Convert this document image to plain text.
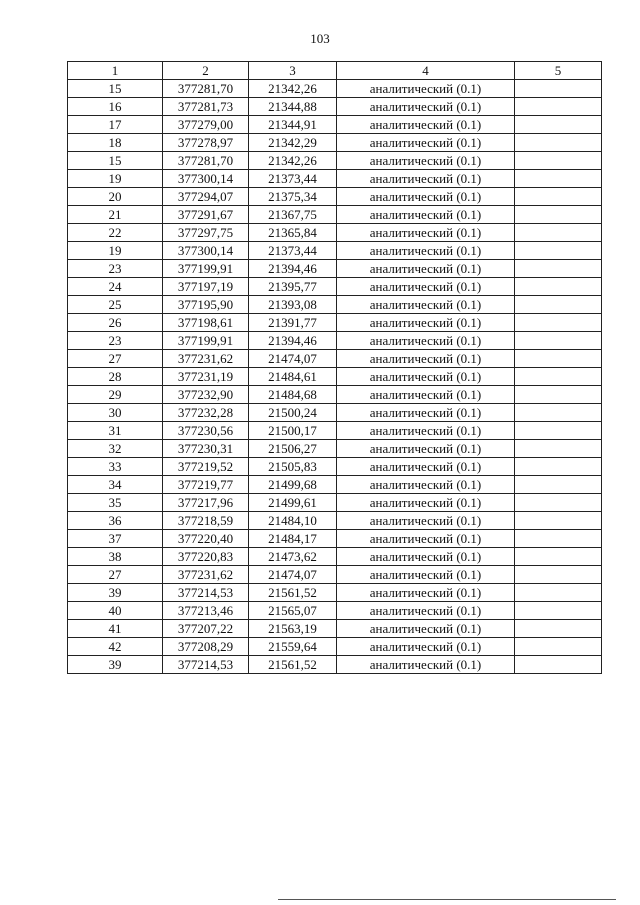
103
1	2	3	4	5
15	377281,70	21342,26	аналитический (0.1)	
16	377281,73	21344,88	аналитический (0.1)	
17	377279,00	21344,91	аналитический (0.1)	
18	377278,97	21342,29	аналитический (0.1)	
15	377281,70	21342,26	аналитический (0.1)	
19	377300,14	21373,44	аналитический (0.1)	
20	377294,07	21375,34	аналитический (0.1)	
21	377291,67	21367,75	аналитический (0.1)	
22	377297,75	21365,84	аналитический (0.1)	
19	377300,14	21373,44	аналитический (0.1)	
23	377199,91	21394,46	аналитический (0.1)	
24	377197,19	21395,77	аналитический (0.1)	
25	377195,90	21393,08	аналитический (0.1)	
26	377198,61	21391,77	аналитический (0.1)	
23	377199,91	21394,46	аналитический (0.1)	
27	377231,62	21474,07	аналитический (0.1)	
28	377231,19	21484,61	аналитический (0.1)	
29	377232,90	21484,68	аналитический (0.1)	
30	377232,28	21500,24	аналитический (0.1)	
31	377230,56	21500,17	аналитический (0.1)	
32	377230,31	21506,27	аналитический (0.1)	
33	377219,52	21505,83	аналитический (0.1)	
34	377219,77	21499,68	аналитический (0.1)	
35	377217,96	21499,61	аналитический (0.1)	
36	377218,59	21484,10	аналитический (0.1)	
37	377220,40	21484,17	аналитический (0.1)	
38	377220,83	21473,62	аналитический (0.1)	
27	377231,62	21474,07	аналитический (0.1)	
39	377214,53	21561,52	аналитический (0.1)	
40	377213,46	21565,07	аналитический (0.1)	
41	377207,22	21563,19	аналитический (0.1)	
42	377208,29	21559,64	аналитический (0.1)	
39	377214,53	21561,52	аналитический (0.1)	
